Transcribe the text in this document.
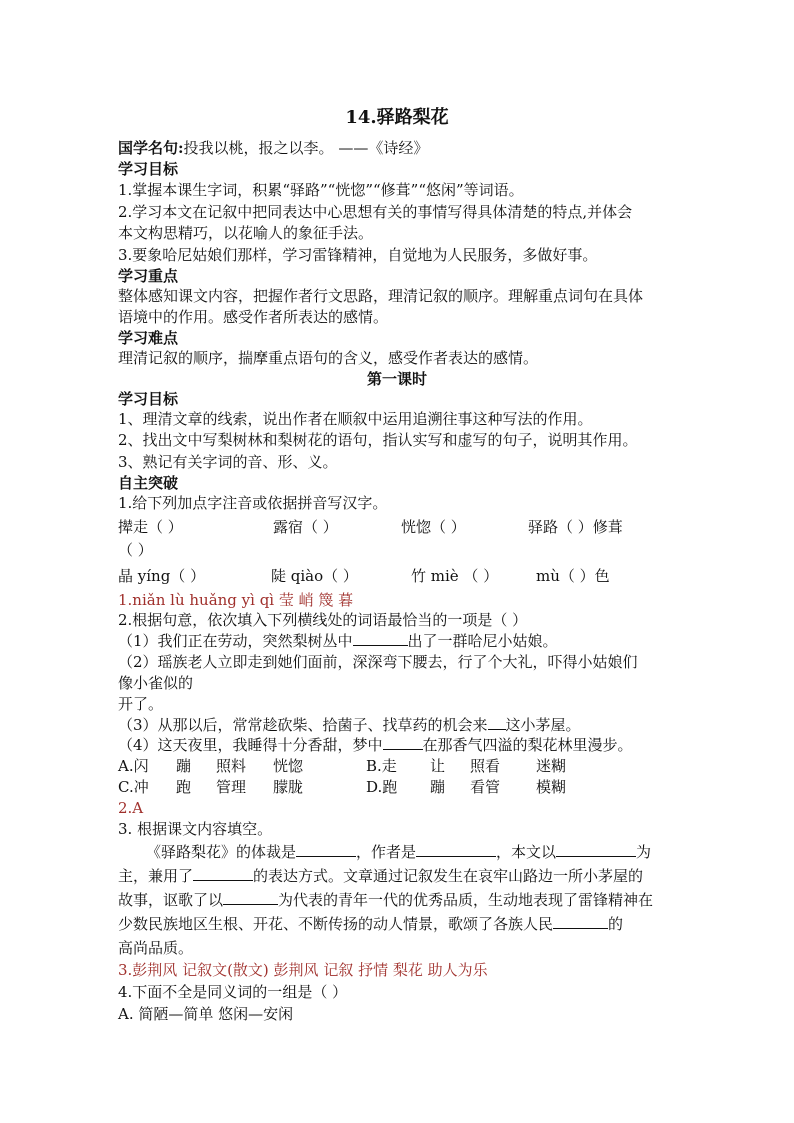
14.驿路梨花
国学名句:投我以桃，报之以李。 ——《诗经》
学习目标
1.掌握本课生字词，积累“驿路”“恍惚”“修葺”“悠闲”等词语。
2.学习本文在记叙中把同表达中心思想有关的事情写得具体清楚的特点,并体会
本文构思精巧，以花喻人的象征手法。
3.要象哈尼姑娘们那样，学习雷锋精神，自觉地为人民服务，多做好事。
学习重点
整体感知课文内容，把握作者行文思路，理清记叙的顺序。理解重点词句在具体
语境中的作用。感受作者所表达的感情。
学习难点
理清记叙的顺序，揣摩重点语句的含义，感受作者表达的感情。
第一课时
学习目标
1、理清文章的线索，说出作者在顺叙中运用追溯往事这种写法的作用。
2、找出文中写梨树林和梨树花的语句，指认实写和虚写的句子，说明其作用。
3、熟记有关字词的音、形、义。
自主突破
1.给下列加点字注音或依据拼音写汉字。
撵走（ ）	露宿（ ）	恍惚（ ）	驿路（ ）修葺
（ ）
晶 yíng（ ）	陡 qiào（ ）	竹 miè （ ）	mù（ ）色
1.niǎn lù huǎng yì qì 莹 峭 篾 暮
2.根据句意，依次填入下列横线处的词语最恰当的一项是（ ）
（1）我们正在劳动，突然梨树丛中	出了一群哈尼小姑娘。
（2）瑶族老人立即走到她们面前，深深弯下腰去，行了个大礼，吓得小姑娘们
像小雀似的
开了。
（3）从那以后，常常趁砍柴、拾菌子、找草药的机会来 这小茅屋。
（4）这天夜里，我睡得十分香甜，梦中	在那香气四溢的梨花林里漫步。
A.闪 蹦 照料 恍惚	B.走 让 照看 迷糊
C.冲 跑 管理 朦胧	D.跑 蹦 看管 模糊
2.A
3. 根据课文内容填空。
《驿路梨花》的体裁是	，作者是	，本文以	为
主，兼用了	的表达方式。文章通过记叙发生在哀牢山路边一所小茅屋的
故事，讴歌了以	为代表的青年一代的优秀品质，生动地表现了雷锋精神在
少数民族地区生根、开花、不断传扬的动人情景，歌颂了各族人民	的
高尚品质。
3.彭荆风 记叙文(散文) 彭荆风 记叙 抒情 梨花 助人为乐
4.下面不全是同义词的一组是（ ）
A. 简陋—简单 悠闲—安闲
